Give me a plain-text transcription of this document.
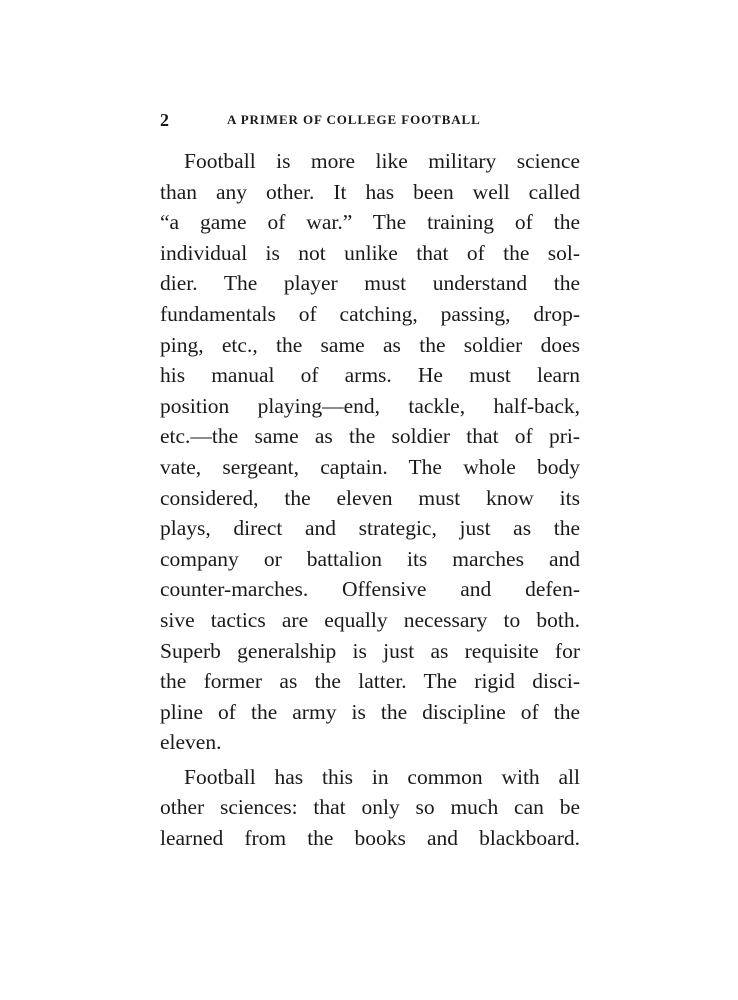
2	A PRIMER OF COLLEGE FOOTBALL
Football is more like military science
than any other. It has been well called
“a game of war.” The training of the
individual is not unlike that of the sol-
dier. The player must understand the
fundamentals of catching, passing, drop-
ping, etc., the same as the soldier does
his manual of arms. He must learn
position playing—end, tackle, half-back,
etc.—the same as the soldier that of pri-
vate, sergeant, captain. The whole body
considered, the eleven must know its
plays, direct and strategic, just as the
company or battalion its marches and
counter-marches. Offensive and defen-
sive tactics are equally necessary to both.
Superb generalship is just as requisite for
the former as the latter. The rigid disci-
pline of the army is the discipline of the
eleven.
Football has this in common with all
other sciences: that only so much can be
learned from the books and blackboard.
